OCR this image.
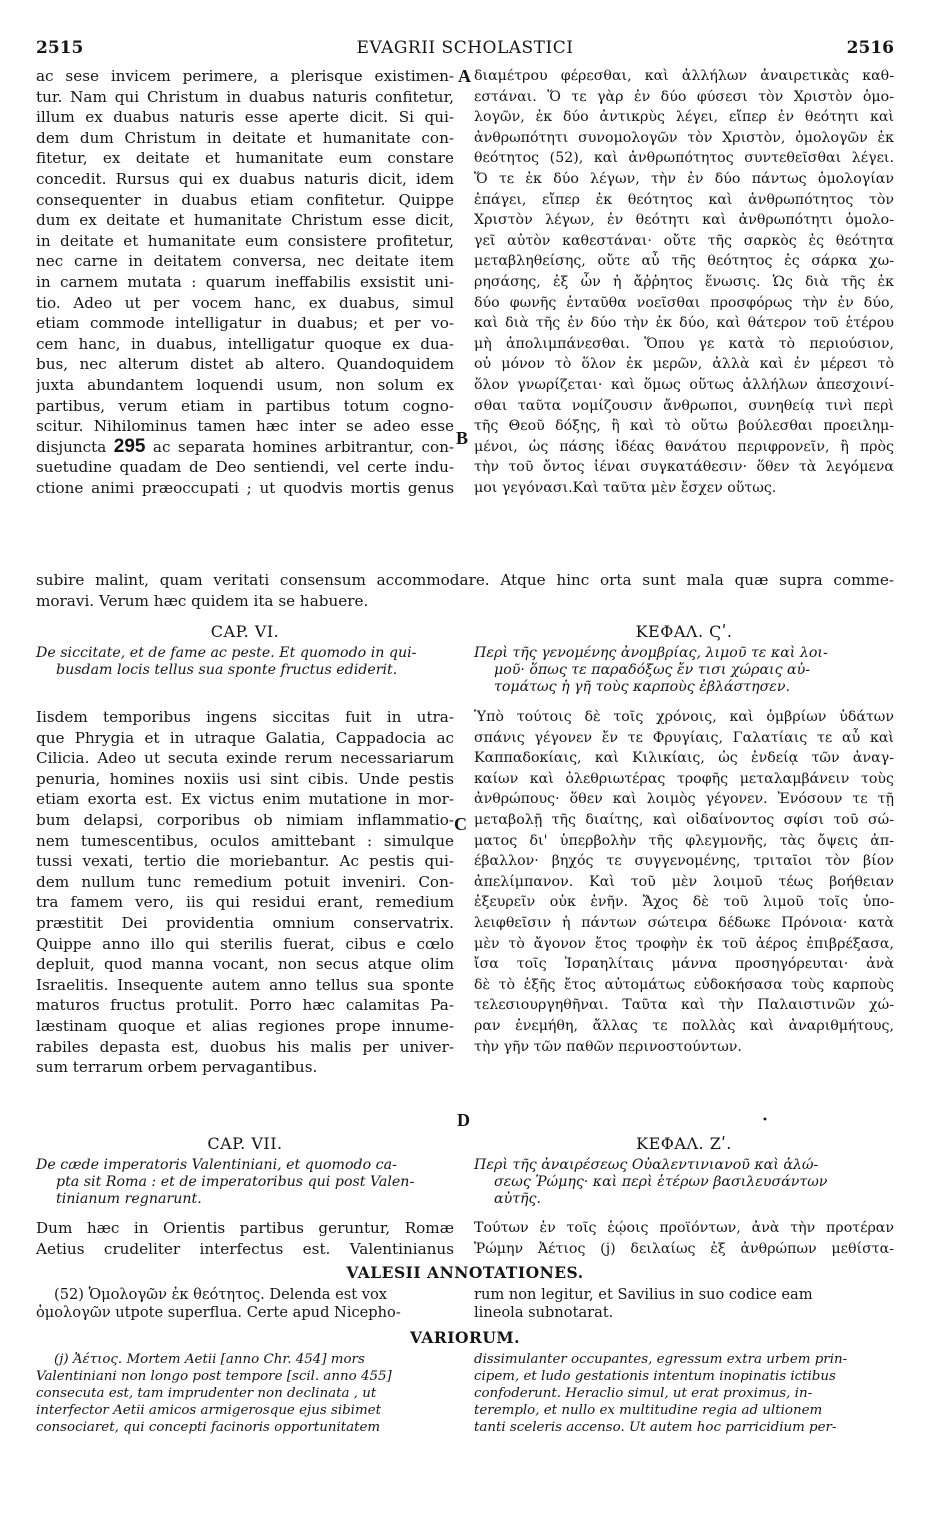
2515	EVAGRII SCHOLASTICI	2516
ac sese invicem perimere, a plerisque existimen-
tur. Nam qui Christum in duabus naturis confitetur,
illum ex duabus naturis esse aperte dicit. Si qui-
dem dum Christum in deitate et humanitate con-
fitetur, ex deitate et humanitate eum constare
concedit. Rursus qui ex duabus naturis dicit, idem
consequenter in duabus etiam confitetur. Quippe
dum ex deitate et humanitate Christum esse dicit,
in deitate et humanitate eum consistere profitetur,
nec carne in deitatem conversa, nec deitate item
in carnem mutata : quarum ineffabilis exsistit uni-
tio. Adeo ut per vocem hanc, ex duabus, simul
etiam commode intelligatur in duabus; et per vo-
cem hanc, in duabus, intelligatur quoque ex dua-
bus, nec alterum distet ab altero. Quandoquidem
juxta abundantem loquendi usum, non solum ex
partibus, verum etiam in partibus totum cogno-
scitur. Nihilominus tamen hæc inter se adeo esse
disjuncta 295 ac separata homines arbitrantur, con-
suetudine quadam de Deo sentiendi, vel certe indu-
ctione animi præoccupati ; ut quodvis mortis genus
A
B
C
D
διαμέτρου φέρεσθαι, καὶ ἀλλήλων ἀναιρετικὰς καθ-
εστάναι. Ὅ τε γὰρ ἐν δύο φύσεσι τὸν Χριστὸν ὁμο-
λογῶν, ἐκ δύο ἀντικρὺς λέγει, εἴπερ ἐν θεότητι καὶ
ἀνθρωπότητι συνομολογῶν τὸν Χριστὸν, ὁμολογῶν ἐκ
θεότητος (52), καὶ ἀνθρωπότητος συντεθεῖσθαι λέγει.
Ὅ τε ἐκ δύο λέγων, τὴν ἐν δύο πάντως ὁμολογίαν
ἐπάγει, εἴπερ ἐκ θεότητος καὶ ἀνθρωπότητος τὸν
Χριστὸν λέγων, ἐν θεότητι καὶ ἀνθρωπότητι ὁμολο-
γεῖ αὐτὸν καθεστάναι· οὔτε τῆς σαρκὸς ἐς θεότητα
μεταβληθείσης, οὔτε αὖ τῆς θεότητος ἐς σάρκα χω-
ρησάσης, ἐξ ὧν ἡ ἄῤῥητος ἕνωσις. Ὡς διὰ τῆς ἐκ
δύο φωνῆς ἐνταῦθα νοεῖσθαι προσφόρως τὴν ἐν δύο,
καὶ διὰ τῆς ἐν δύο τὴν ἐκ δύο, καὶ θάτερον τοῦ ἑτέρου
μὴ ἀπολιμπάνεσθαι. Ὅπου γε κατὰ τὸ περιούσιον,
οὐ μόνον τὸ ὅλον ἐκ μερῶν, ἀλλὰ καὶ ἐν μέρεσι τὸ
ὅλον γνωρίζεται· καὶ ὅμως οὕτως ἀλλήλων ἀπεσχοινί-
σθαι ταῦτα νομίζουσιν ἄνθρωποι, συνηθείᾳ τινὶ περὶ
τῆς Θεοῦ δόξης, ἢ καὶ τὸ οὕτω βούλεσθαι προειλημ-
μένοι, ὡς πάσης ἰδέας θανάτου περιφρονεῖν, ἢ πρὸς
τὴν τοῦ ὄντος ἰέναι συγκατάθεσιν· ὅθεν τὰ λεγόμενα
μοι γεγόνασι.Καὶ ταῦτα μὲν ἔσχεν οὕτως.
subire malint, quam veritati consensum accommodare. Atque hinc orta sunt mala quæ supra comme-
moravi. Verum hæc quidem ita se habuere.
CAP. VI.	ΚΕΦΑΛ. Ϛʹ.
De siccitate, et de fame ac peste. Et quomodo in qui-
busdam locis tellus sua sponte fructus ediderit.
Περὶ τῆς γενομένης ἀνομβρίας, λιμοῦ τε καὶ λοι-
μοῦ· ὅπως τε παραδόξως ἔν τισι χώραις αὐ-
τομάτως ἡ γῆ τοὺς καρποὺς ἐβλάστησεν.
Iisdem temporibus ingens siccitas fuit in utra-
que Phrygia et in utraque Galatia, Cappadocia ac
Cilicia. Adeo ut secuta exinde rerum necessariarum
penuria, homines noxiis usi sint cibis. Unde pestis
etiam exorta est. Ex victus enim mutatione in mor-
bum delapsi, corporibus ob nimiam inflammatio-
nem tumescentibus, oculos amittebant : simulque
tussi vexati, tertio die moriebantur. Ac pestis qui-
dem nullum tunc remedium potuit inveniri. Con-
tra famem vero, iis qui residui erant, remedium
præstitit Dei providentia omnium conservatrix.
Quippe anno illo qui sterilis fuerat, cibus e cœlo
depluit, quod manna vocant, non secus atque olim
Israelitis. Insequente autem anno tellus sua sponte
maturos fructus protulit. Porro hæc calamitas Pa-
læstinam quoque et alias regiones prope innume-
rabiles depasta est, duobus his malis per univer-
sum terrarum orbem pervagantibus.
Ὑπὸ τούτοις δὲ τοῖς χρόνοις, καὶ ὀμβρίων ὑδάτων
σπάνις γέγονεν ἔν τε Φρυγίαις, Γαλατίαις τε αὖ καὶ
Καππαδοκίαις, καὶ Κιλικίαις, ὡς ἐνδείᾳ τῶν ἀναγ-
καίων καὶ ὀλεθριωτέρας τροφῆς μεταλαμβάνειν τοὺς
ἀνθρώπους· ὅθεν καὶ λοιμὸς γέγονεν. Ἐνόσουν τε τῇ
μεταβολῇ τῆς διαίτης, καὶ οἰδαίνοντος σφίσι τοῦ σώ-
ματος δι' ὑπερβολὴν τῆς φλεγμονῆς, τὰς ὄψεις ἀπ-
έβαλλον· βηχός τε συγγενομένης, τριταῖοι τὸν βίον
ἀπελίμπανον. Καὶ τοῦ μὲν λοιμοῦ τέως βοήθειαν
ἐξευρεῖν οὐκ ἐνῆν. Ἄχος δὲ τοῦ λιμοῦ τοῖς ὑπο-
λειφθεῖσιν ἡ πάντων σώτειρα δέδωκε Πρόνοια· κατὰ
μὲν τὸ ἄγονον ἔτος τροφὴν ἐκ τοῦ ἀέρος ἐπιβρέξασα,
ἴσα τοῖς Ἰσραηλίταις μάννα προσηγόρευται· ἀνὰ
δὲ τὸ ἑξῆς ἔτος αὐτομάτως εὐδοκήσασα τοὺς καρποὺς
τελεσιουργηθῆναι. Ταῦτα καὶ τὴν Παλαιστινῶν χώ-
ραν ἐνεμήθη, ἄλλας τε πολλὰς καὶ ἀναριθμήτους,
τὴν γῆν τῶν παθῶν περινοστούντων.
•
CAP. VII.	ΚΕΦΑΛ. Ζʹ.
De cæde imperatoris Valentiniani, et quomodo ca-
pta sit Roma : et de imperatoribus qui post Valen-
tinianum regnarunt.
Περὶ τῆς ἀναιρέσεως Οὐαλεντινιανοῦ καὶ ἁλώ-
σεως Ῥώμης· καὶ περὶ ἑτέρων βασιλευσάντων
αὐτῆς.
Dum hæc in Orientis partibus geruntur, Romæ
Aetius crudeliter interfectus est. Valentinianus
Τούτων ἐν τοῖς ἑῴοις προϊόντων, ἀνὰ τὴν προτέραν
Ῥώμην Ἀέτιος (j) δειλαίως ἐξ ἀνθρώπων μεθίστα-
VALESII ANNOTATIONES.
(52) Ὁμολογῶν ἐκ θεότητος. Delenda est vox
ὁμολογῶν utpote superflua. Certe apud Nicepho-
rum non legitur, et Savilius in suo codice eam
lineola subnotarat.
VARIORUM.
(j) Ἀέτιος. Mortem Aetii [anno Chr. 454] mors
Valentiniani non longo post tempore [scil. anno 455]
consecuta est, tam imprudenter non declinata , ut
interfector Aetii amicos armigerosque ejus sibimet
consociaret, qui concepti facinoris opportunitatem
dissimulanter occupantes, egressum extra urbem prin-
cipem, et ludo gestationis intentum inopinatis ictibus
confoderunt. Heraclio simul, ut erat proximus, in-
teremplo, et nullo ex multitudine regia ad ultionem
tanti sceleris accenso. Ut autem hoc parricidium per-
